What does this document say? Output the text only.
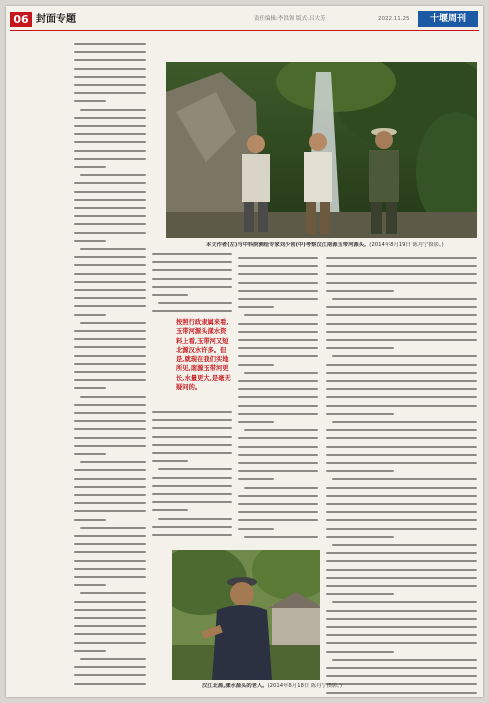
06 封面专题	责任编辑:李洪领 版式:吕大芳	2022.11.25	十堰周刊
本文作者(左)与中科院测绘专家刘少创(中)考察汉江南源玉带河源头。(2014年8月19日 陈丹宁摄影。)
按照行政隶属来看,玉带河源头漾水资料上看,玉带河又短北源汉水许多。但是,就现在我们实地所见,南源玉带河更长,水量更大,是毫无疑问的。
汉江北源,漾水源头的老人。(2014年8月18日 陈丹宁摄影。)
